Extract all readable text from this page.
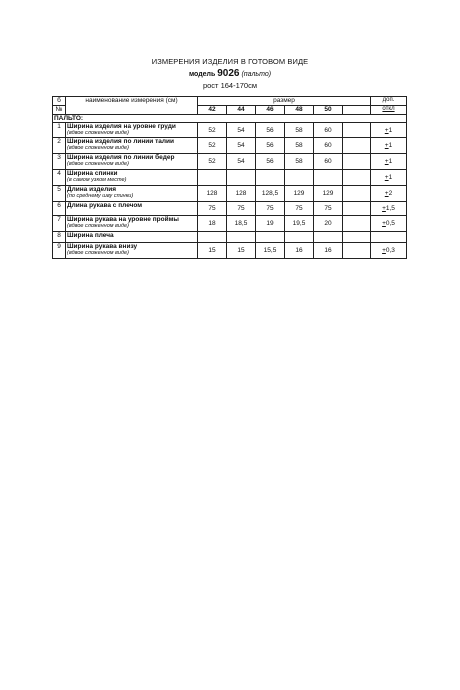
ИЗМЕРЕНИЯ ИЗДЕЛИЯ В ГОТОВОМ ВИДЕ
модель 9026 (пальто)
рост 164-170см
б	наименование измерения (см)	размер						доп.
№		42	44	46	48	50		откл
ПАЛЬТО:								
1	Ширина изделия на уровне груди
(вдвое сложенном виде)	52	54	56	58	60		+1
2	Ширина изделия по линии талии
(вдвое сложенном виде)	52	54	56	58	60		+1
3	Ширина изделия по линии бедер
(вдвое сложенном виде)	52	54	56	58	60		+1
4	Ширина спинки
(в самом узком месте)							+1
5	Длина изделия
(по среднему шву спинки)	128	128	128,5	129	129		+2
6	Длина рукава с плечом	75	75	75	75	75		+1,5
7	Ширина рукава на уровне проймы
(вдвое сложенном виде)	18	18,5	19	19,5	20		+0,5
8	Ширина плеча							

9	Ширина рукава внизу
(вдвое сложенном виде)	15	15	15,5	16	16		+0,3
